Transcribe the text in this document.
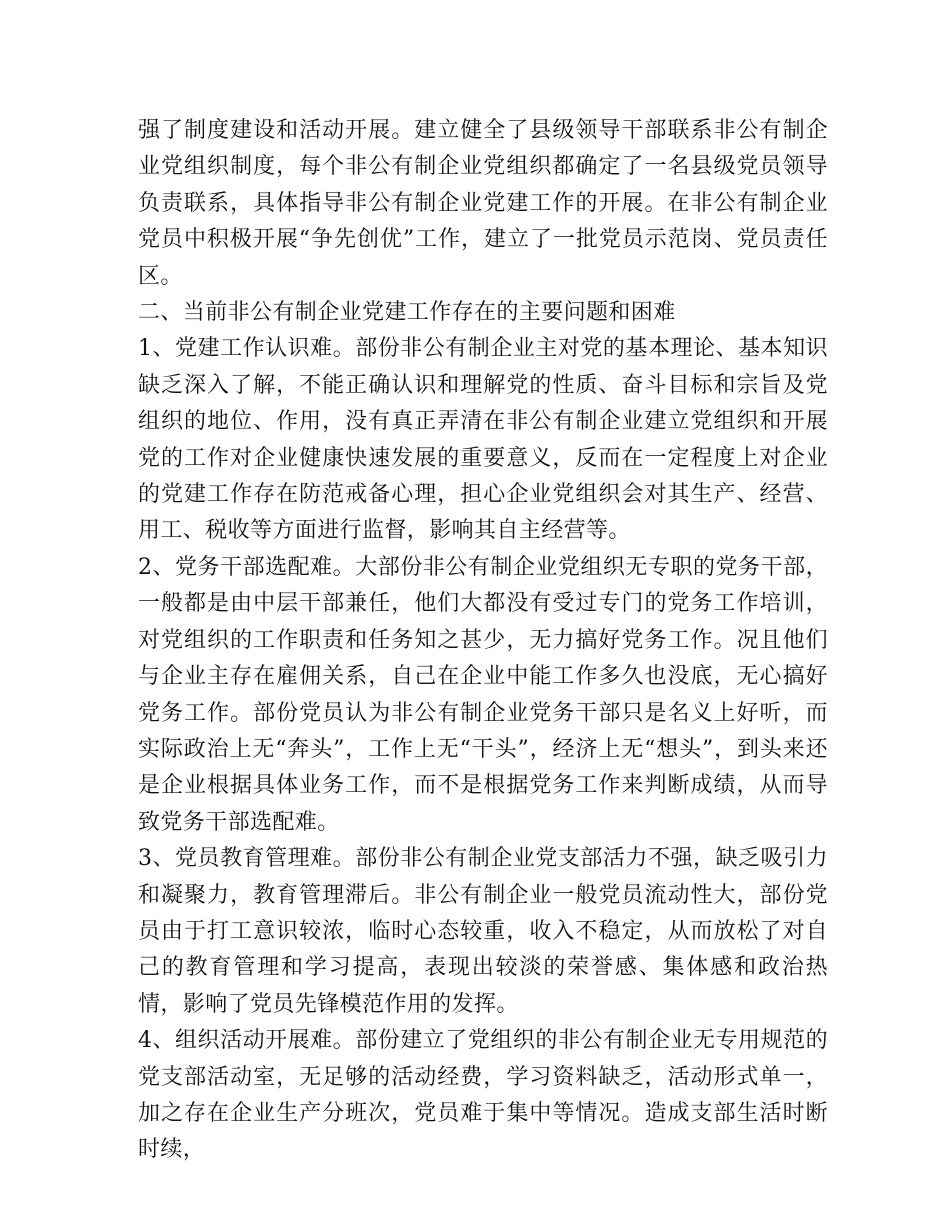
强了制度建设和活动开展。建立健全了县级领导干部联系非公有制企业党组织制度，每个非公有制企业党组织都确定了一名县级党员领导负责联系，具体指导非公有制企业党建工作的开展。在非公有制企业党员中积极开展“争先创优”工作，建立了一批党员示范岗、党员责任区。

二、当前非公有制企业党建工作存在的主要问题和困难

1、党建工作认识难。部份非公有制企业主对党的基本理论、基本知识缺乏深入了解，不能正确认识和理解党的性质、奋斗目标和宗旨及党组织的地位、作用，没有真正弄清在非公有制企业建立党组织和开展党的工作对企业健康快速发展的重要意义，反而在一定程度上对企业的党建工作存在防范戒备心理，担心企业党组织会对其生产、经营、用工、税收等方面进行监督，影响其自主经营等。

2、党务干部选配难。大部份非公有制企业党组织无专职的党务干部，一般都是由中层干部兼任，他们大都没有受过专门的党务工作培训，对党组织的工作职责和任务知之甚少，无力搞好党务工作。况且他们与企业主存在雇佣关系，自己在企业中能工作多久也没底，无心搞好党务工作。部份党员认为非公有制企业党务干部只是名义上好听，而实际政治上无“奔头”，工作上无“干头”，经济上无“想头”，到头来还是企业根据具体业务工作，而不是根据党务工作来判断成绩，从而导致党务干部选配难。

3、党员教育管理难。部份非公有制企业党支部活力不强，缺乏吸引力和凝聚力，教育管理滞后。非公有制企业一般党员流动性大，部份党员由于打工意识较浓，临时心态较重，收入不稳定，从而放松了对自己的教育管理和学习提高，表现出较淡的荣誉感、集体感和政治热情，影响了党员先锋模范作用的发挥。

4、组织活动开展难。部份建立了党组织的非公有制企业无专用规范的党支部活动室，无足够的活动经费，学习资料缺乏，活动形式单一，加之存在企业生产分班次，党员难于集中等情况。造成支部生活时断时续，
